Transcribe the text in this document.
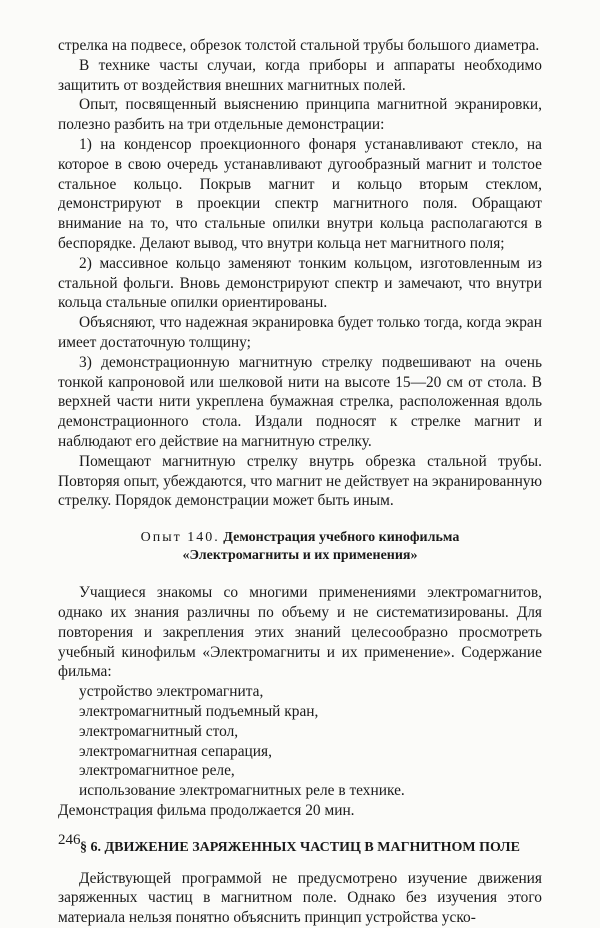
стрелка на подвесе, обрезок толстой стальной трубы большого диаметра.

В технике часты случаи, когда приборы и аппараты необходимо защитить от воздействия внешних магнитных полей.

Опыт, посвященный выяснению принципа магнитной экранировки, полезно разбить на три отдельные демонстрации:

1) на конденсор проекционного фонаря устанавливают стекло, на которое в свою очередь устанавливают дугообразный магнит и толстое стальное кольцо. Покрыв магнит и кольцо вторым стеклом, демонстрируют в проекции спектр магнитного поля. Обращают внимание на то, что стальные опилки внутри кольца располагаются в беспорядке. Делают вывод, что внутри кольца нет магнитного поля;

2) массивное кольцо заменяют тонким кольцом, изготовленным из стальной фольги. Вновь демонстрируют спектр и замечают, что внутри кольца стальные опилки ориентированы.

Объясняют, что надежная экранировка будет только тогда, когда экран имеет достаточную толщину;

3) демонстрационную магнитную стрелку подвешивают на очень тонкой капроновой или шелковой нити на высоте 15—20 см от стола. В верхней части нити укреплена бумажная стрелка, расположенная вдоль демонстрационного стола. Издали подносят к стрелке магнит и наблюдают его действие на магнитную стрелку.

Помещают магнитную стрелку внутрь обрезка стальной трубы. Повторяя опыт, убеждаются, что магнит не действует на экранированную стрелку. Порядок демонстрации может быть иным.

Опыт 140. Демонстрация учебного кинофильма
«Электромагниты и их применения»

Учащиеся знакомы со многими применениями электромагнитов, однако их знания различны по объему и не систематизированы. Для повторения и закрепления этих знаний целесообразно просмотреть учебный кинофильм «Электромагниты и их применение». Содержание фильма:

устройство электромагнита,
электромагнитный подъемный кран,
электромагнитный стол,
электромагнитная сепарация,
электромагнитное реле,
использование электромагнитных реле в технике.

Демонстрация фильма продолжается 20 мин.

§ 6. ДВИЖЕНИЕ ЗАРЯЖЕННЫХ ЧАСТИЦ В МАГНИТНОМ ПОЛЕ

Действующей программой не предусмотрено изучение движения заряженных частиц в магнитном поле. Однако без изучения этого материала нельзя понятно объяснить принцип устройства уско-

246
